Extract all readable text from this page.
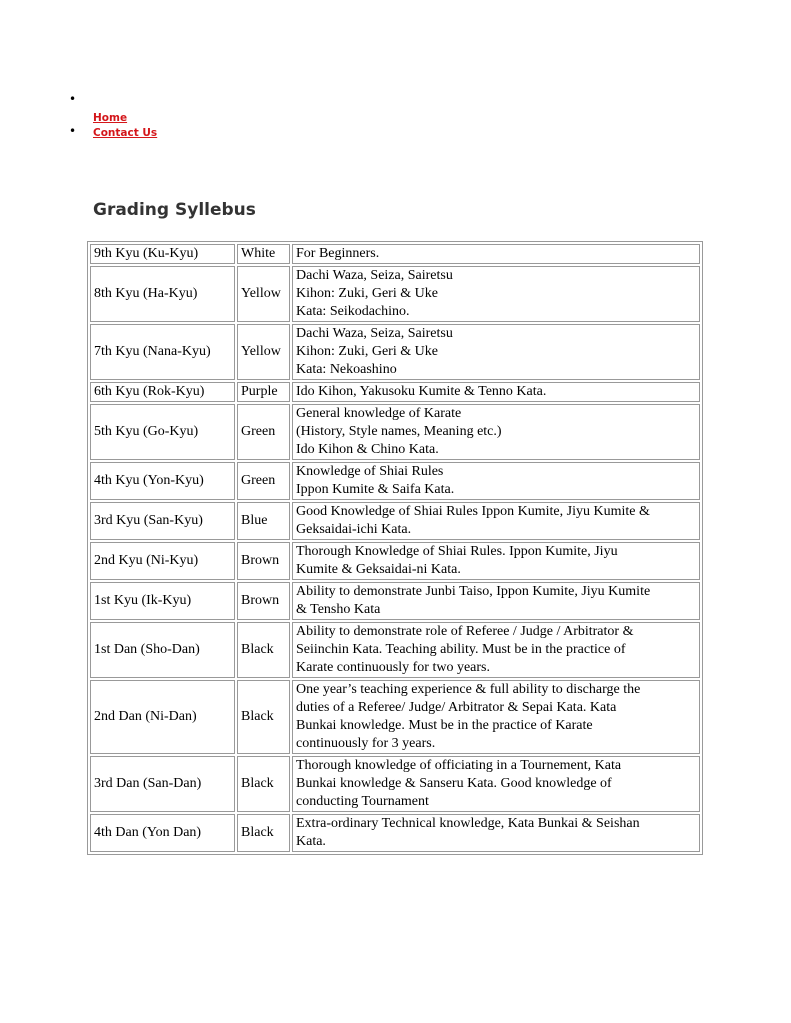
•
Home
• Contact Us
Grading Syllebus
9th Kyu (Ku-Kyu)	White	For Beginners.

8th Kyu (Ha-Kyu)	Yellow	Dachi Waza, Seiza, Sairetsu
Kihon: Zuki, Geri & Uke
Kata: Seikodachino.

7th Kyu (Nana-Kyu)	Yellow	Dachi Waza, Seiza, Sairetsu
Kihon: Zuki, Geri & Uke
Kata: Nekoashino

6th Kyu (Rok-Kyu)	Purple	Ido Kihon, Yakusoku Kumite & Tenno Kata.

5th Kyu (Go-Kyu)	Green	General knowledge of Karate
(History, Style names, Meaning etc.)
Ido Kihon & Chino Kata.

4th Kyu (Yon-Kyu)	Green	Knowledge of Shiai Rules
Ippon Kumite & Saifa Kata.

3rd Kyu (San-Kyu)	Blue	Good Knowledge of Shiai Rules Ippon Kumite, Jiyu Kumite &
Geksaidai-ichi Kata.

2nd Kyu (Ni-Kyu)	Brown	Thorough Knowledge of Shiai Rules. Ippon Kumite, Jiyu
Kumite & Geksaidai-ni Kata.

1st Kyu (Ik-Kyu)	Brown	Ability to demonstrate Junbi Taiso, Ippon Kumite, Jiyu Kumite
& Tensho Kata

1st Dan (Sho-Dan)	Black	Ability to demonstrate role of Referee / Judge / Arbitrator &
Seiinchin Kata. Teaching ability. Must be in the practice of
Karate continuously for two years.

2nd Dan (Ni-Dan)	Black	One year’s teaching experience & full ability to discharge the
duties of a Referee/ Judge/ Arbitrator & Sepai Kata. Kata
Bunkai knowledge. Must be in the practice of Karate
continuously for 3 years.

3rd Dan (San-Dan)	Black	Thorough knowledge of officiating in a Tournement, Kata
Bunkai knowledge & Sanseru Kata. Good knowledge of
conducting Tournament

4th Dan (Yon Dan)	Black	Extra-ordinary Technical knowledge, Kata Bunkai & Seishan
Kata.
